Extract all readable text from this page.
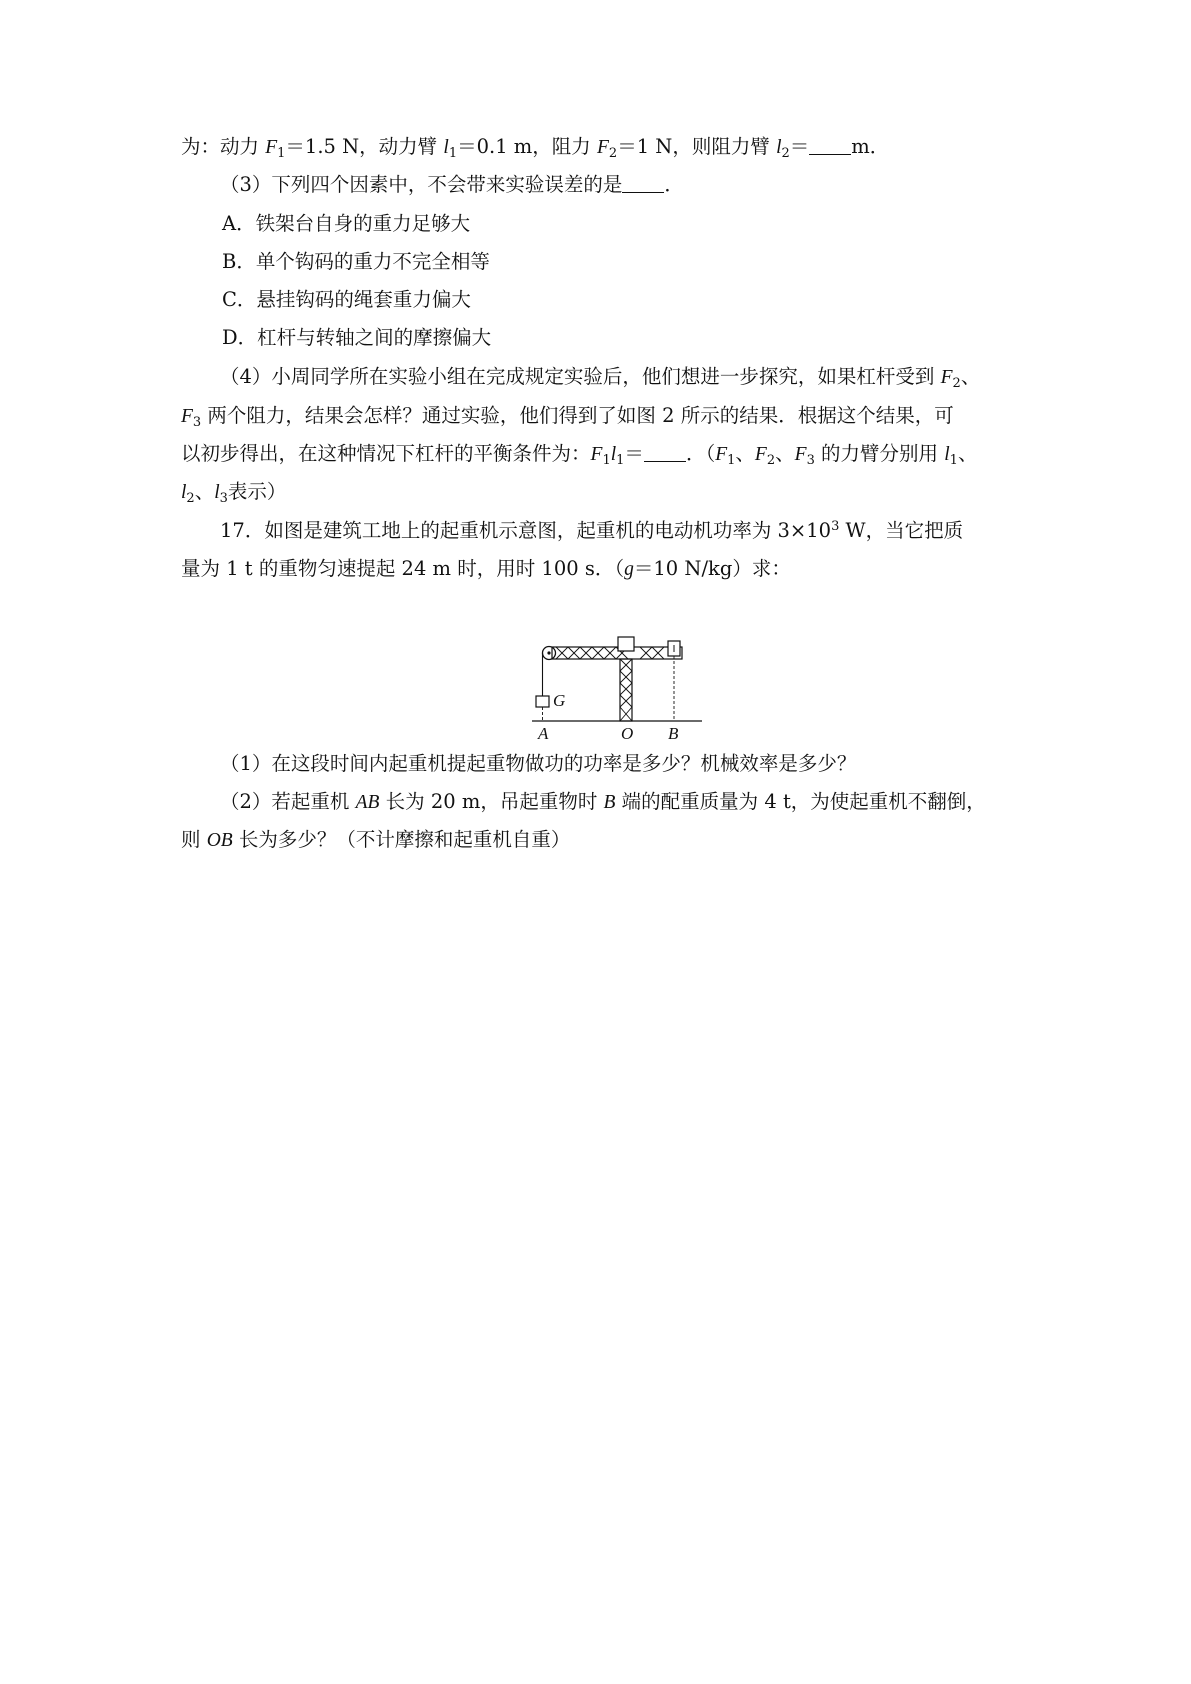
为：动力 $F_1=1.5$ N，动力臂 $l_1=0.1$ m，阻力 $F_2=1$ N，则阻力臂 $l_2= m$．
（3）下列四个因素中，不会带来实验误差的是 ．
A．铁架台自身的重力足够大
B．单个钩码的重力不完全相等
C．悬挂钩码的绳套重力偏大
D．杠杆与转轴之间的摩擦偏大
（4）小周同学所在实验小组在完成规定实验后，他们想进一步探究，如果杠杆受到 $F_2$、
$F_3$ 两个阻力，结果会怎样？通过实验，他们得到了如图 2 所示的结果．根据这个结果，可
以初步得出，在这种情况下杠杆的平衡条件为：$F_1l_1=$ ．（$F_1$、$F_2$、$F_3$ 的力臂分别用 $l_1$、
$l_2$、$l_3$表示）
17．如图是建筑工地上的起重机示意图，起重机的电动机功率为 $3\times 10^3$ W，当它把质
量为 1 t 的重物匀速提起 24 m 时，用时 100 s．（g＝10 N/kg）求：
G
A	O B
（1）在这段时间内起重机提起重物做功的功率是多少？机械效率是多少？
（2）若起重机 AB 长为 20 m，吊起重物时 B 端的配重质量为 4 t，为使起重机不翻倒，
则 OB 长为多少？（不计摩擦和起重机自重）
